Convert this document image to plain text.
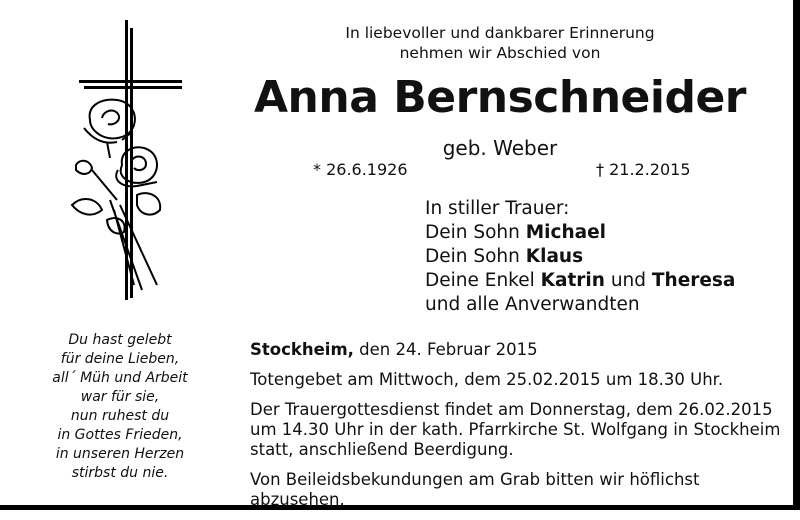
In liebevoller und dankbarer Erinnerung
nehmen wir Abschied von
Anna Bernschneider
geb. Weber
* 26.6.1926	† 21.2.2015
In stiller Trauer:
Dein Sohn Michael
Dein Sohn Klaus
Deine Enkel Katrin und Theresa
und alle Anverwandten
Du hast gelebt
für deine Lieben,
all´ Müh und Arbeit
war für sie,
nun ruhest du
in Gottes Frieden,
in unseren Herzen
stirbst du nie.

Stockheim, den 24. Februar 2015

Totengebet am Mittwoch, dem 25.02.2015 um 18.30 Uhr.

Der Trauergottesdienst findet am Donnerstag, dem 26.02.2015
um 14.30 Uhr in der kath. Pfarrkirche St. Wolfgang in Stockheim
statt, anschließend Beerdigung.

Von Beileidsbekundungen am Grab bitten wir höflichst abzusehen.
